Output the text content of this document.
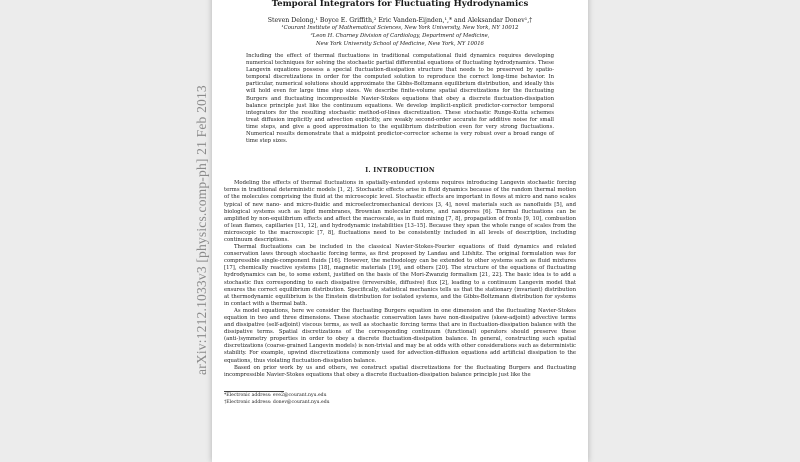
Temporal Integrators for Fluctuating Hydrodynamics
Steven Delong,¹ Boyce E. Griffith,² Eric Vanden-Eijnden,¹,* and Aleksandar Donev¹,†
¹Courant Institute of Mathematical Sciences, New York University, New York, NY 10012
²Leon H. Charney Division of Cardiology, Department of Medicine,
New York University School of Medicine, New York, NY 10016
Including the effect of thermal fluctuations in traditional computational fluid dynamics requires developing numerical techniques for solving the stochastic partial differential equations of fluctuating hydrodynamics. These Langevin equations possess a special fluctuation-dissipation structure that needs to be preserved by spatio-temporal discretizations in order for the computed solution to reproduce the correct long-time behavior. In particular, numerical solutions should approximate the Gibbs-Boltzmann equilibrium distribution, and ideally this will hold even for large time step sizes. We describe finite-volume spatial discretizations for the fluctuating Burgers and fluctuating incompressible Navier-Stokes equations that obey a discrete fluctuation-dissipation balance principle just like the continuum equations. We develop implicit-explicit predictor-corrector temporal integrators for the resulting stochastic method-of-lines discretization. These stochastic Runge-Kutta schemes treat diffusion implicitly and advection explicitly, are weakly second-order accurate for additive noise for small time steps, and give a good approximation to the equilibrium distribution even for very strong fluctuations. Numerical results demonstrate that a midpoint predictor-corrector scheme is very robust over a broad range of time step sizes.
I. INTRODUCTION

Modeling the effects of thermal fluctuations in spatially-extended systems requires introducing Langevin stochastic forcing terms in traditional deterministic models [1, 2]. Stochastic effects arise in fluid dynamics because of the random thermal motion of the molecules comprising the fluid at the microscopic level. Stochastic effects are important in flows at micro and nano scales typical of new nano- and micro-fluidic and microelectromechanical devices [3, 4], novel materials such as nanofluids [5], and biological systems such as lipid membranes, Brownian molecular motors, and nanopores [6]. Thermal fluctuations can be amplified by non-equilibrium effects and affect the macroscale, as in fluid mixing [7, 8], propagation of fronts [9, 10], combustion of lean flames, capillaries [11, 12], and hydrodynamic instabilities [13–15]. Because they span the whole range of scales from the microscopic to the macroscopic [7, 8], fluctuations need to be consistently included in all levels of description, including continuum descriptions.

Thermal fluctuations can be included in the classical Navier-Stokes-Fourier equations of fluid dynamics and related conservation laws through stochastic forcing terms, as first proposed by Landau and Lifshitz. The original formulation was for compressible single-component fluids [16]. However, the methodology can be extended to other systems such as fluid mixtures [17], chemically reactive systems [18], magnetic materials [19], and others [20]. The structure of the equations of fluctuating hydrodynamics can be, to some extent, justified on the basis of the Mori-Zwanzig formalism [21, 22]. The basic idea is to add a stochastic flux corresponding to each dissipative (irreversible, diffusive) flux [2], leading to a continuum Langevin model that ensures the correct equilibrium distribution. Specifically, statistical mechanics tells us that the stationary (invariant) distribution at thermodynamic equilibrium is the Einstein distribution for isolated systems, and the Gibbs-Boltzmann distribution for systems in contact with a thermal bath.

As model equations, here we consider the fluctuating Burgers equation in one dimension and the fluctuating Navier-Stokes equation in two and three dimensions. These stochastic conservation laws have non-dissipative (skew-adjoint) advective terms and dissipative (self-adjoint) viscous terms, as well as stochastic forcing terms that are in fluctuation-dissipation balance with the dissipative terms. Spatial discretizations of the corresponding continuum (functional) operators should preserve these (anti-)symmetry properties in order to obey a discrete fluctuation-dissipation balance. In general, constructing such spatial discretizations (coarse-grained Langevin models) is non-trivial and may be at odds with other considerations such as deterministic stability. For example, upwind discretizations commonly used for advection-diffusion equations add artificial dissipation to the equations, thus violating fluctuation-dissipation balance.

Based on prior work by us and others, we construct spatial discretizations for the fluctuating Burgers and fluctuating incompressible Navier-Stokes equations that obey a discrete fluctuation-dissipation balance principle just like the

*Electronic address: eve2@courant.nyu.edu
†Electronic address: donev@courant.nyu.edu
arXiv:1212.1033v3 [physics.comp-ph] 21 Feb 2013
